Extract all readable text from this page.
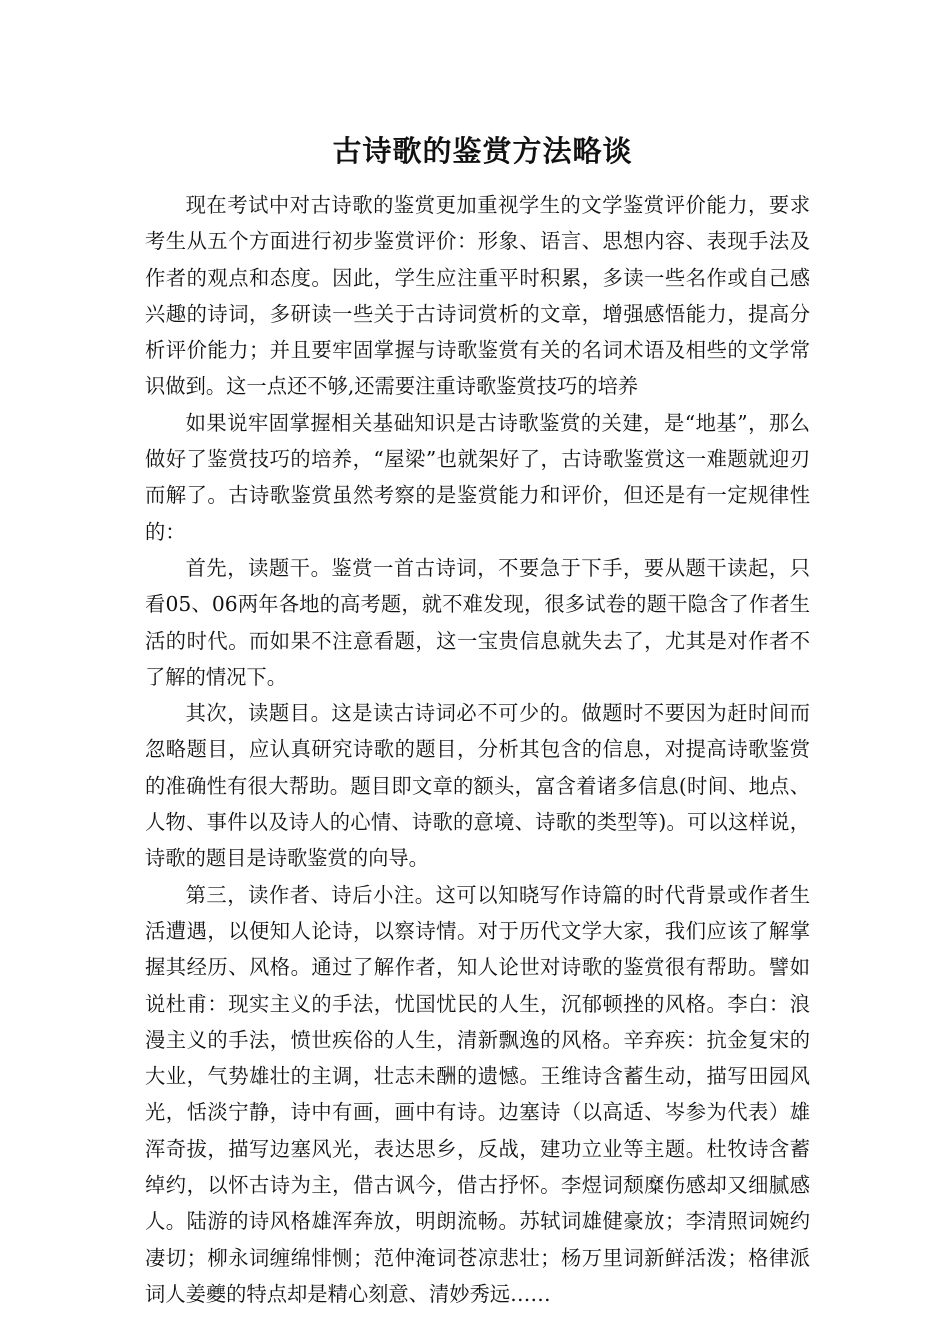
古诗歌的鉴赏方法略谈

现在考试中对古诗歌的鉴赏更加重视学生的文学鉴赏评价能力，要求考生从五个方面进行初步鉴赏评价：形象、语言、思想内容、表现手法及作者的观点和态度。因此，学生应注重平时积累，多读一些名作或自己感兴趣的诗词，多研读一些关于古诗词赏析的文章，增强感悟能力，提高分析评价能力；并且要牢固掌握与诗歌鉴赏有关的名词术语及相些的文学常识做到。这一点还不够,还需要注重诗歌鉴赏技巧的培养

如果说牢固掌握相关基础知识是古诗歌鉴赏的关建，是“地基”，那么做好了鉴赏技巧的培养，“屋梁”也就架好了，古诗歌鉴赏这一难题就迎刃而解了。古诗歌鉴赏虽然考察的是鉴赏能力和评价，但还是有一定规律性的：

首先，读题干。鉴赏一首古诗词，不要急于下手，要从题干读起，只看05、06两年各地的高考题，就不难发现，很多试卷的题干隐含了作者生活的时代。而如果不注意看题，这一宝贵信息就失去了，尤其是对作者不了解的情况下。

其次，读题目。这是读古诗词必不可少的。做题时不要因为赶时间而忽略题目，应认真研究诗歌的题目，分析其包含的信息，对提高诗歌鉴赏的准确性有很大帮助。题目即文章的额头，富含着诸多信息(时间、地点、人物、事件以及诗人的心情、诗歌的意境、诗歌的类型等)。可以这样说，诗歌的题目是诗歌鉴赏的向导。

第三，读作者、诗后小注。这可以知晓写作诗篇的时代背景或作者生活遭遇，以便知人论诗，以察诗情。对于历代文学大家，我们应该了解掌握其经历、风格。通过了解作者，知人论世对诗歌的鉴赏很有帮助。譬如说杜甫：现实主义的手法，忧国忧民的人生，沉郁顿挫的风格。李白：浪漫主义的手法，愤世疾俗的人生，清新飘逸的风格。辛弃疾：抗金复宋的大业，气势雄壮的主调，壮志未酬的遗憾。王维诗含蓄生动，描写田园风光，恬淡宁静，诗中有画，画中有诗。边塞诗（以高适、岑参为代表）雄浑奇拔，描写边塞风光，表达思乡，反战，建功立业等主题。杜牧诗含蓄绰约，以怀古诗为主，借古讽今，借古抒怀。李煜词颓糜伤感却又细腻感人。陆游的诗风格雄浑奔放，明朗流畅。苏轼词雄健豪放；李清照词婉约凄切；柳永词缠绵悱恻；范仲淹词苍凉悲壮；杨万里词新鲜活泼；格律派词人姜夔的特点却是精心刻意、清妙秀远……
